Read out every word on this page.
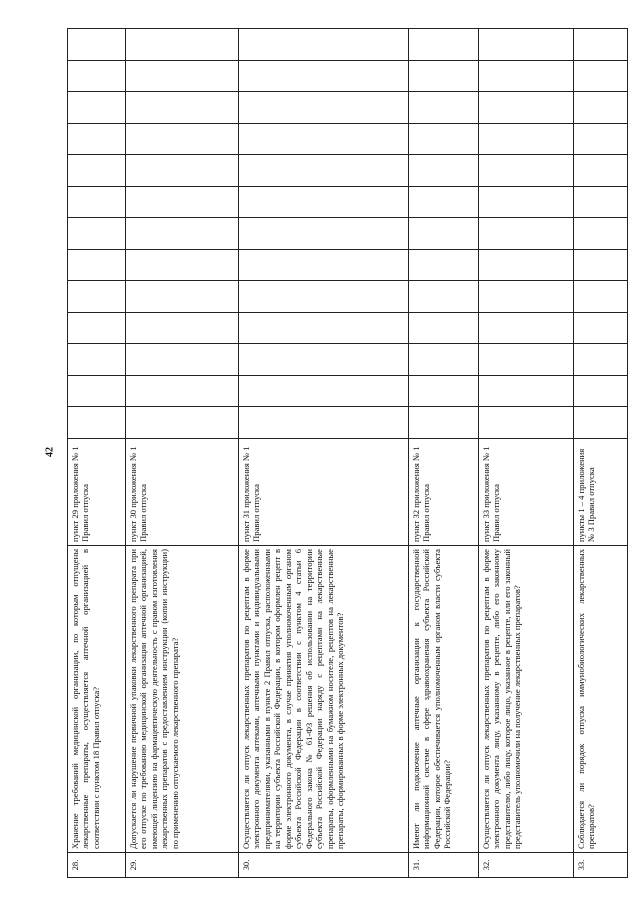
42
28.	Хранение требований медицинской организации, по которым отпущены лекарственные препараты, осуществляется аптечной организацией в соответствии с пунктом 18 Правил отпуска?	пункт 29 приложения № 1 Правил отпуска													
29.	Допускается ли нарушение первичной упаковки лекарственного препарата при его отпуске по требованию медицинской организации аптечной организацией, имеющей лицензию на фармацевтическую деятельность с правом изготовления лекарственных препаратов с предоставлением инструкции (копии инструкции) по применению отпускаемого лекарственного препарата?	пункт 30 приложения № 1 Правил отпуска													
30.	Осуществляется ли отпуск лекарственных препаратов по рецептам в форме электронного документа аптеками, аптечными пунктами и индивидуальными предпринимателями, указанными в пункте 2 Правил отпуска, расположенными на территории субъекта Российской Федерации, в котором оформлен рецепт в форме электронного документа, в случае принятия уполномоченным органом субъекта Российской Федерации в соответствии с пунктом 4 статьи 6 Федерального закона № 61-ФЗ решения об использовании на территории субъекта Российской Федерации наряду с рецептами на лекарственные препараты, оформленными на бумажном носителе, рецептов на лекарственные препараты, сформированных в форме электронных документов?	пункт 31 приложения № 1 Правил отпуска													
31.	Имеют ли подключение аптечные организации к государственной информационной системе в сфере здравоохранения субъекта Российской Федерации, которое обеспечивается уполномоченным органом власти субъекта Российской Федерации?	пункт 32 приложения № 1 Правил отпуска													
32.	Осуществляется ли отпуск лекарственных препаратов по рецептам в форме электронного документа лицу, указанному в рецепте, либо его законному представителю, либо лицу, которое лицо, указанное в рецепте, или его законный представитель уполномочили на получение лекарственных препаратов?	пункт 33 приложения № 1 Правил отпуска													
33.	Соблюдается ли порядок отпуска иммунобиологических лекарственных препаратов?	пункты 1 – 4 приложения № 3 Правил отпуска													
